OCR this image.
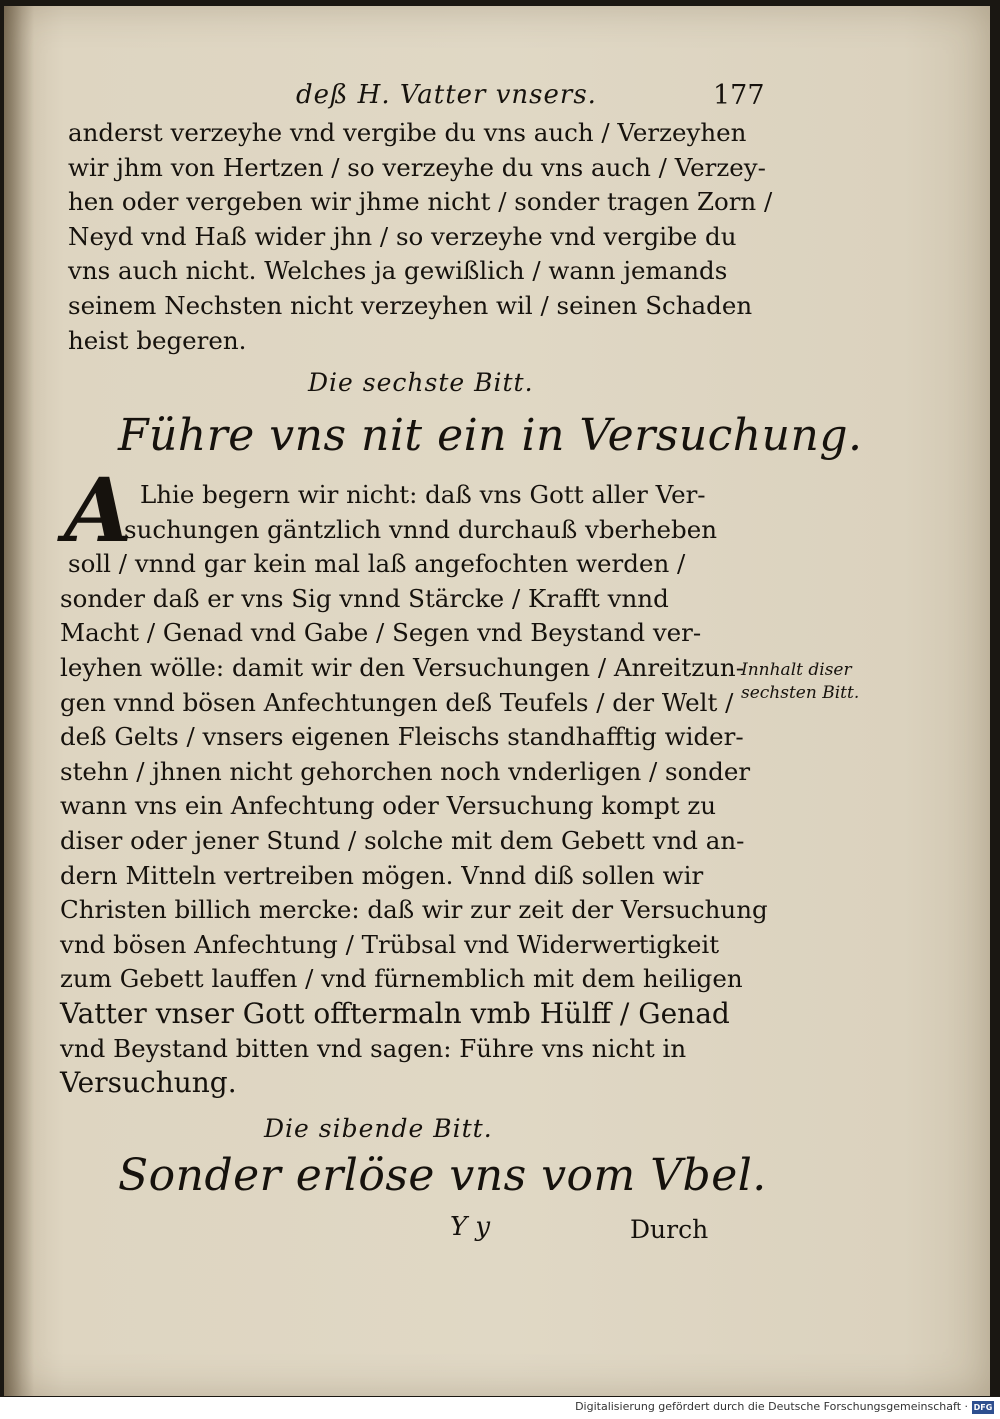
deß H. Vatter vnsers.	177
anderst verzeyhe vnd vergibe du vns auch / Verzeyhen
wir jhm von Hertzen / so verzeyhe du vns auch / Verzey-
hen oder vergeben wir jhme nicht / sonder tragen Zorn /
Neyd vnd Haß wider jhn / so verzeyhe vnd vergibe du
vns auch nicht. Welches ja gewißlich / wann jemands
seinem Nechsten nicht verzeyhen wil / seinen Schaden
heist begeren.
Die sechste Bitt.
Führe vns nit ein in Versuchung.
A Lhie begern wir nicht: daß vns Gott aller Ver-
suchungen gäntzlich vnnd durchauß vberheben
soll / vnnd gar kein mal laß angefochten werden /
sonder daß er vns Sig vnnd Stärcke / Krafft vnnd
Macht / Genad vnd Gabe / Segen vnd Beystand ver-
leyhen wölle: damit wir den Versuchungen / Anreitzun-
gen vnnd bösen Anfechtungen deß Teufels / der Welt /
deß Gelts / vnsers eigenen Fleischs standhafftig wider-
stehn / jhnen nicht gehorchen noch vnderligen / sonder
wann vns ein Anfechtung oder Versuchung kompt zu
diser oder jener Stund / solche mit dem Gebett vnd an-
dern Mitteln vertreiben mögen. Vnnd diß sollen wir
Christen billich mercke: daß wir zur zeit der Versuchung
vnd bösen Anfechtung / Trübsal vnd Widerwertigkeit
zum Gebett lauffen / vnd fürnemblich mit dem heiligen
Vatter vnser Gott offtermaln vmb Hülff / Genad
vnd Beystand bitten vnd sagen: Führe vns nicht in
Versuchung.
Innhalt diser
sechsten Bitt.
Die sibende Bitt.
Sonder erlöse vns vom Vbel.
Y y	Durch
Digitalisierung gefördert durch die Deutsche Forschungsgemeinschaft · DFG
